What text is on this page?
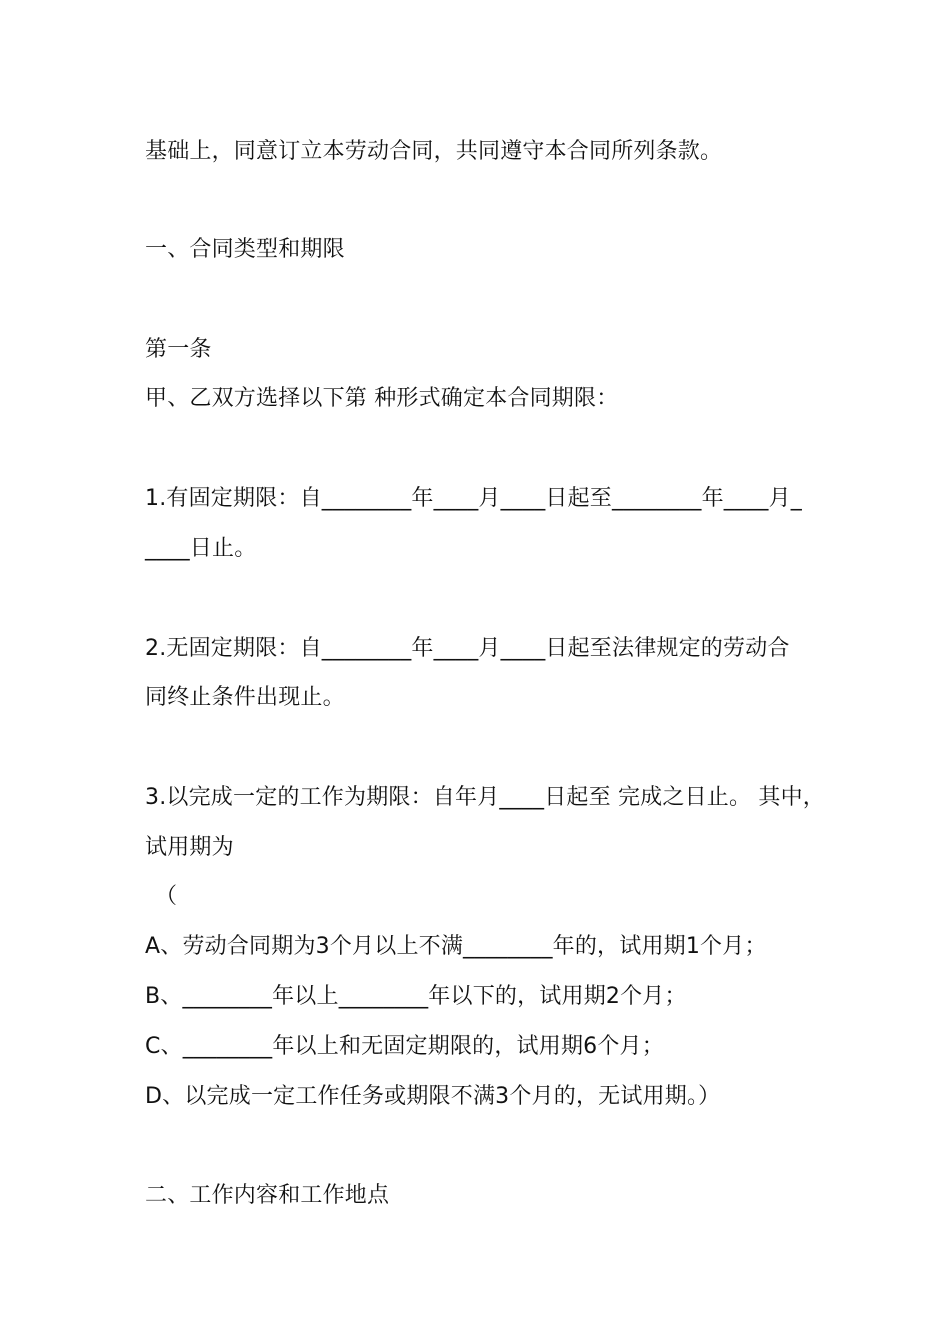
基础上，同意订立本劳动合同，共同遵守本合同所列条款。
一、合同类型和期限
第一条
甲、乙双方选择以下第 种形式确定本合同期限：
1.有固定期限：自________年____月____日起至________年____月_
____日止。
2.无固定期限：自________年____月____日起至法律规定的劳动合
同终止条件出现止。
3.以完成一定的工作为期限：自年月____日起至 完成之日止。 其中，
试用期为
（
A、劳动合同期为3个月以上不满________年的，试用期1个月；
B、________年以上________年以下的，试用期2个月；
C、________年以上和无固定期限的，试用期6个月；
D、以完成一定工作任务或期限不满3个月的，无试用期。）
二、工作内容和工作地点
